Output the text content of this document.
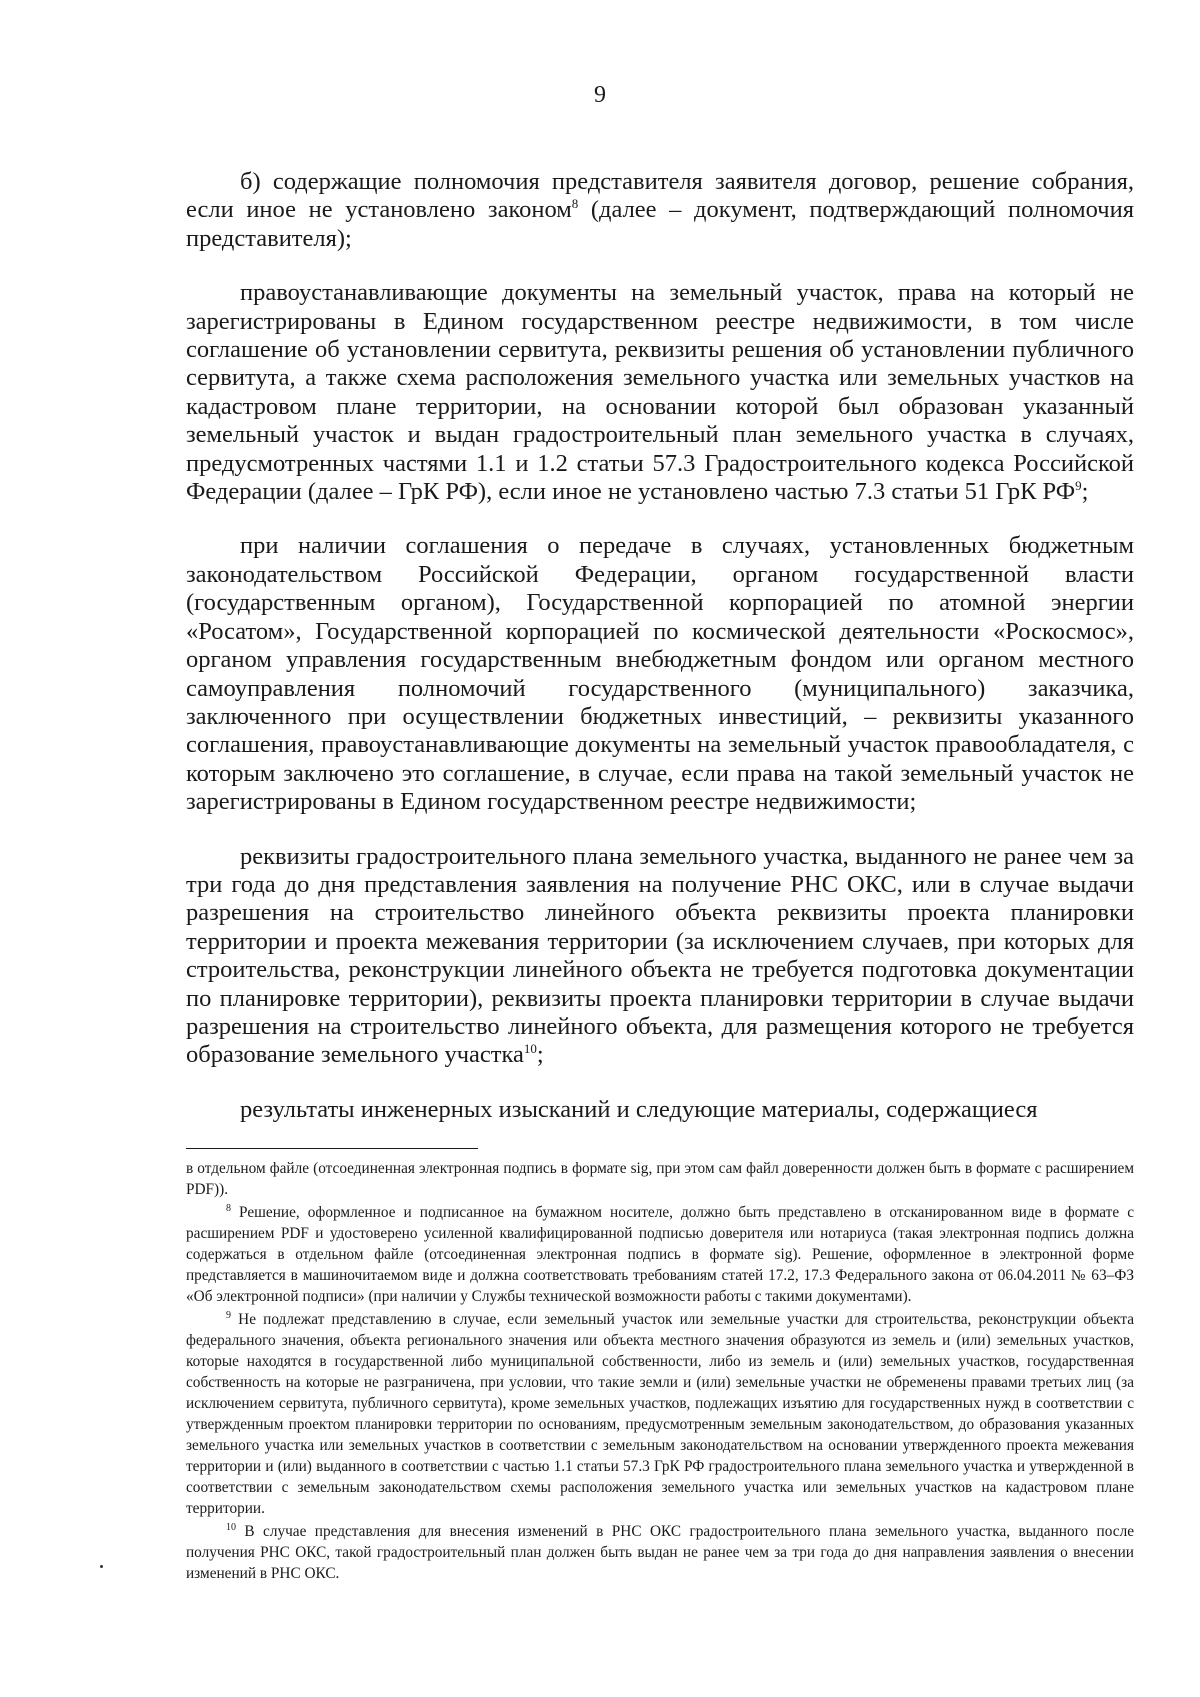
9

б) содержащие полномочия представителя заявителя договор, решение собрания, если иное не установлено законом$^8$ (далее – документ, подтверждающий полномочия представителя);

правоустанавливающие документы на земельный участок, права на который не зарегистрированы в Едином государственном реестре недвижимости, в том числе соглашение об установлении сервитута, реквизиты решения об установлении публичного сервитута, а также схема расположения земельного участка или земельных участков на кадастровом плане территории, на основании которой был образован указанный земельный участок и выдан градостроительный план земельного участка в случаях, предусмотренных частями 1.1 и 1.2 статьи 57.3 Градостроительного кодекса Российской Федерации (далее – ГрК РФ), если иное не установлено частью 7.3 статьи 51 ГрК $РФ^9$;

при наличии соглашения о передаче в случаях, установленных бюджетным законодательством Российской Федерации, органом государственной власти (государственным органом), Государственной корпорацией по атомной энергии «Росатом», Государственной корпорацией по космической деятельности «Роскосмос», органом управления государственным внебюджетным фондом или органом местного самоуправления полномочий государственного (муниципального) заказчика, заключенного при осуществлении бюджетных инвестиций, – реквизиты указанного соглашения, правоустанавливающие документы на земельный участок правообладателя, с которым заключено это соглашение, в случае, если права на такой земельный участок не зарегистрированы в Едином государственном реестре недвижимости;

реквизиты градостроительного плана земельного участка, выданного не ранее чем за три года до дня представления заявления на получение РНС ОКС, или в случае выдачи разрешения на строительство линейного объекта реквизиты проекта планировки территории и проекта межевания территории (за исключением случаев, при которых для строительства, реконструкции линейного объекта не требуется подготовка документации по планировке территории), реквизиты проекта планировки территории в случае выдачи разрешения на строительство линейного объекта, для размещения которого не требуется образование земельного участка$^{10}$;

результаты инженерных изысканий и следующие материалы, содержащиеся

в отдельном файле (отсоединенная электронная подпись в формате sig, при этом сам файл доверенности должен быть в формате с расширением PDF)).

$^8$ Решение, оформленное и подписанное на бумажном носителе, должно быть представлено в отсканированном виде в формате с расширением PDF и удостоверено усиленной квалифицированной подписью доверителя или нотариуса (такая электронная подпись должна содержаться в отдельном файле (отсоединенная электронная подпись в формате sig). Решение, оформленное в электронной форме представляется в машиночитаемом виде и должна соответствовать требованиям статей 17.2, 17.3 Федерального закона от 06.04.2011 № 63–ФЗ «Об электронной подписи» (при наличии у Службы технической возможности работы с такими документами).

$^9$ Не подлежат представлению в случае, если земельный участок или земельные участки для строительства, реконструкции объекта федерального значения, объекта регионального значения или объекта местного значения образуются из земель и (или) земельных участков, которые находятся в государственной либо муниципальной собственности, либо из земель и (или) земельных участков, государственная собственность на которые не разграничена, при условии, что такие земли и (или) земельные участки не обременены правами третьих лиц (за исключением сервитута, публичного сервитута), кроме земельных участков, подлежащих изъятию для государственных нужд в соответствии с утвержденным проектом планировки территории по основаниям, предусмотренным земельным законодательством, до образования указанных земельного участка или земельных участков в соответствии с земельным законодательством на основании утвержденного проекта межевания территории и (или) выданного в соответствии с частью 1.1 статьи 57.3 ГрК РФ градостроительного плана земельного участка и утвержденной в соответствии с земельным законодательством схемы расположения земельного участка или земельных участков на кадастровом плане территории.

$^{10}$ В случае представления для внесения изменений в РНС ОКС градостроительного плана земельного участка, выданного после получения РНС ОКС, такой градостроительный план должен быть выдан не ранее чем за три года до дня направления заявления о внесении изменений в РНС ОКС.
